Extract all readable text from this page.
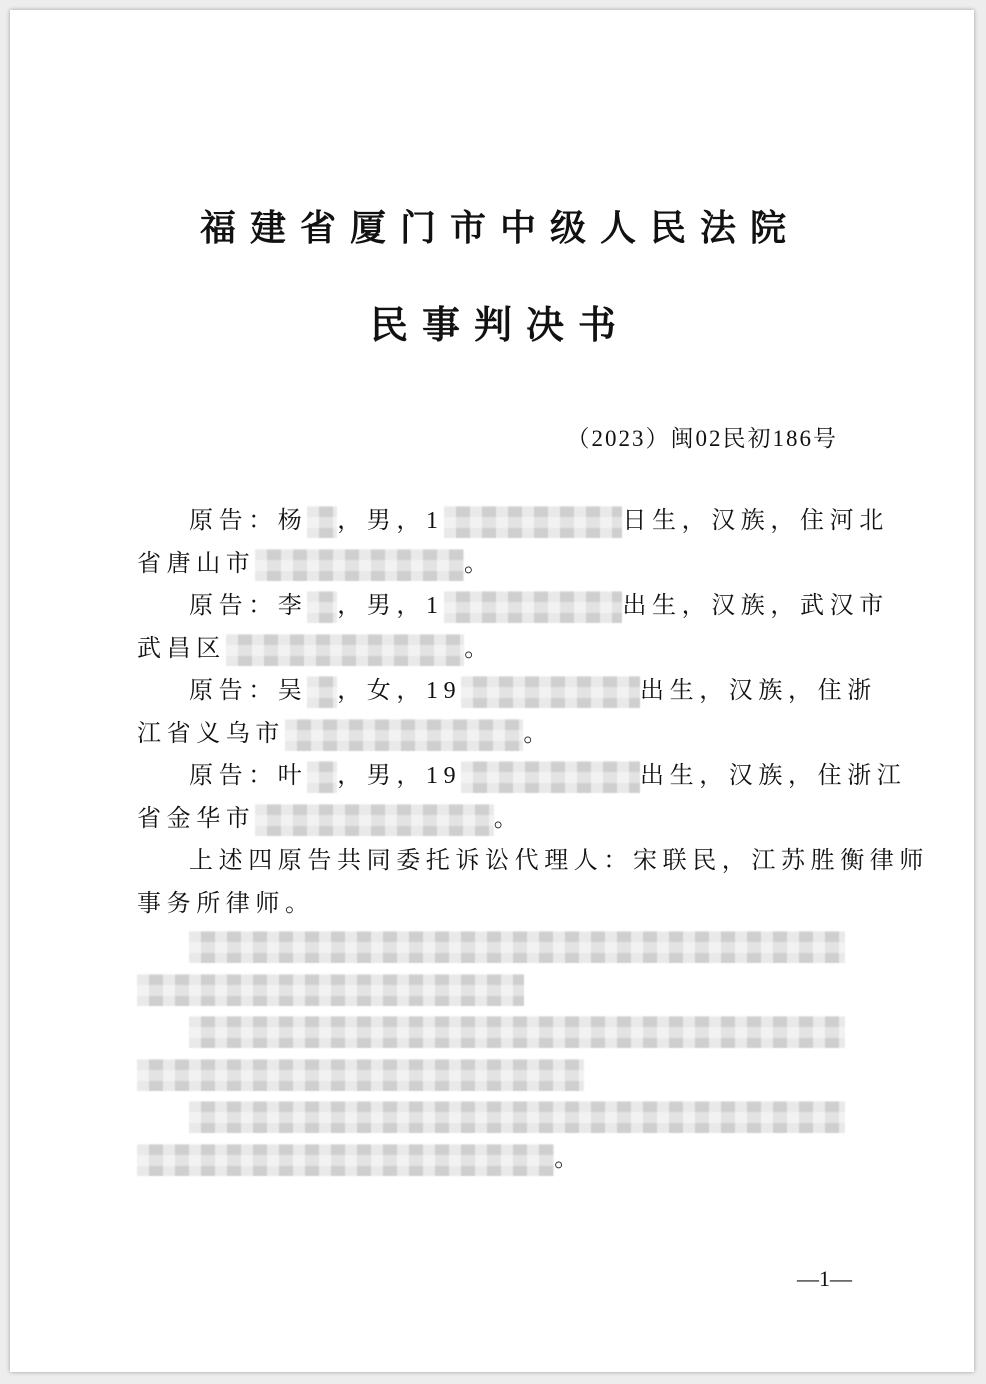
福建省厦门市中级人民法院
民事判决书
（2023）闽02民初186号
原告：杨 ，男，1	日生，汉族，住河北
省唐山市	。
原告：李 ，男，1	出生，汉族，武汉市
武昌区	。
原告：吴 ，女，19	出生，汉族，住浙
江省义乌市	。
原告：叶 ，男，19	出生，汉族，住浙江
省金华市	。
上述四原告共同委托诉讼代理人：宋联民，江苏胜衡律师
事务所律师。
。
—1—
